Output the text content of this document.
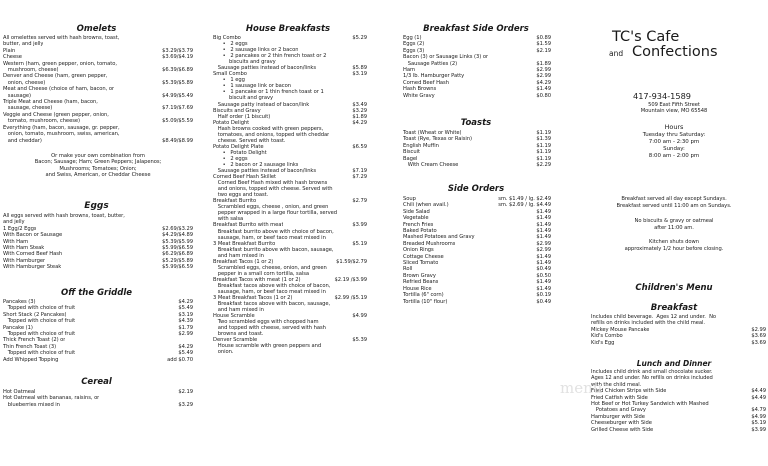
Omelets
All omelettes served with hash browns, toast,
butter, and jelly
Plain	$3.29/$3.79
Cheese	$3.69/$4.19
Western (ham, green pepper, onion, tomato,
mushroom, cheese)	$6.39/$6.89
Denver and Cheese (ham, green pepper,
onion, cheese)	$5.39/$5.89
Meat and Cheese (choice of ham, bacon, or
sausage)	$4.99/$5.49
Triple Meat and Cheese (ham, bacon,
sausage, cheese)	$7.19/$7.69
Veggie and Cheese (green pepper, onion,
tomato, mushroom, cheese)	$5.09/$5.59
Everything (ham, bacon, sausage, gr. pepper,
onion, tomato, mushroom, swiss, american,
and cheddar)	$8.49/$8.99
Or make your own combination from
Bacon; Sausage; Ham; Green Peppers; Jalapenos;
Mushrooms; Tomatoes; Onion;
and Swiss, American, or Cheddar Cheese
Eggs
All eggs served with hash browns, toast, butter,
and jelly
1 Egg/2 Eggs	$2.69/$3.29
With Bacon or Sausage	$4.29/$4.89
With Ham	$5.39/$5.99
With Ham Steak	$5.99/$6.59
With Corned Beef Hash	$6.29/$6.89
With Hamburger	$5.29/$5.89
With Hamburger Steak	$5.99/$6.59
Off the Griddle
Pancakes (3)	$4.29
Topped with choice of fruit	$5.49
Short Stack (2 Pancakes)	$3.19
Topped with choice of fruit	$4.39
Pancake (1)	$1.79
Topped with choice of fruit	$2.99
Thick French Toast (2) or
Thin French Toast (3)	$4.29
Topped with choice of fruit	$5.49
Add Whipped Topping	add $0.70
Cereal
Hot Oatmeal	$2.19
Hot Oatmeal with bananas, raisins, or
blueberries mixed in	$3.29
House Breakfasts
Big Combo	$5.29
•   2 eggs
•   2 sausage links or 2 bacon
•   2 pancakes or 2 thin french toast or 2
biscuits and gravy
Sausage patties instead of bacon/links	$5.89
Small Combo	$3.19
•   1 egg
•   1 sausage link or bacon
•   1 pancake or 1 thin french toast or 1
biscuit and gravy
Sausage patty instead of bacon/link	$3.49
Biscuits and Gravy	$3.29
Half order (1 biscuit)	$1.89
Potato Delight	$4.29
Hash browns cooked with green peppers,
tomatoes, and onions, topped with cheddar
cheese. Served with toast.
Potato Delight Plate	$6.59
•   Potato Delight
•   2 eggs
•   2 bacon or 2 sausage links
Sausage patties instead of bacon/links	$7.19
Corned Beef Hash Skillet	$7.29
Corned Beef Hash mixed with hash browns
and onions, topped with cheese. Served with
two eggs and toast.
Breakfast Burrito	$2.79
Scrambled eggs, cheese , onion, and green
pepper wrapped in a large flour tortilla, served
with salsa
Breakfast Burrito with meat	$3.99
Breakfast burrito above with choice of bacon,
sausage, ham, or beef taco meat mixed in
3 Meat Breakfast Burrito	$5.19
Breakfast burrito above with bacon, sausage,
and ham mixed in
Breakfast Tacos (1 or 2)	$1.59/$2.79
Scrambled eggs, cheese, onion, and green
pepper in a small corn tortilla, salsa
Breakfast Tacos with meat (1 or 2)	$2.19 /$3.99
Breakfast tacos above with choice of bacon,
sausage, ham, or beef taco meat mixed in
3 Meat Breakfast Tacos (1 or 2)	$2.99 /$5.19
Breakfast tacos above with bacon, sausage,
and ham mixed in
House Scramble	$4.99
Two scrambled eggs with chopped ham
and topped with cheese, served with hash
browns and toast.
Denver Scramble	$5.39
House scramble with green peppers and
onion.
Breakfast Side Orders
Egg (1)	$0.89
Eggs (2)	$1.59
Eggs (3)	$2.19
Bacon (3) or Sausage Links (3) or
Sausage Patties (2)	$1.89
Ham	$2.99
1/3 lb. Hamburger Patty	$2.99
Corned Beef Hash	$4.29
Hash Browns	$1.49
White Gravy	$0.80
Toasts
Toast (Wheat or White)	$1.19
Toast (Rye, Texas or Raisin)	$1.39
English Muffin	$1.19
Biscuit	$1.19
Bagel	$1.19
With Cream Cheese	$2.29
Side Orders
Soup	sm. $1.49 / lg. $2.49
Chili (when avail.)	sm. $2.69 / lg. $4.49
Side Salad	$1.49
Vegetable	$1.49
French Fries	$1.49
Baked Potato	$1.49
Mashed Potatoes and Gravy	$1.49
Breaded Mushrooms	$2.99
Onion Rings	$2.99
Cottage Cheese	$1.49
Sliced Tomato	$1.49
Roll	$0.49
Brown Gravy	$0.50
Refried Beans	$1.49
House Rice	$1.49
Tortilla (6" corn)	$0.19
Tortilla (10" flour)	$0.49
TC's Cafe
and Confections
417-934-1589
509 East Fifth Street
Mountain view, MO 65548
Hours
Tuesday thru Saturday:
7:00 am - 2:30 pm
Sunday:
8:00 am - 2:00 pm
Breakfast served all day except Sundays.
Breakfast served until 11:00 am on Sundays.

No biscuits & gravy or oatmeal
after 11:00 am.

Kitchen shuts down
approximately 1/2 hour before closing.
Children's Menu
Breakfast
Includes child beverage.  Ages 12 and under.  No
refills on drinks included with the child meal.
Mickey Mouse Pancake	$2.99
Kid's Combo	$3.69
Kid's Egg	$3.69
Lunch and Dinner
Includes child drink and small chocolate sucker.
Ages 12 and under. No refills on drinks included
with the child meal.
Fried Chicken Strips with Side	$4.49
Fried Catfish with Side	$4.49
Hot Beef or Hot Turkey Sandwich with Mashed
Potatoes and Gravy	$4.79
Hamburger with Side	$4.99
Cheeseburger with Side	$5.19
Grilled Cheese with Side	$3.99
menu
